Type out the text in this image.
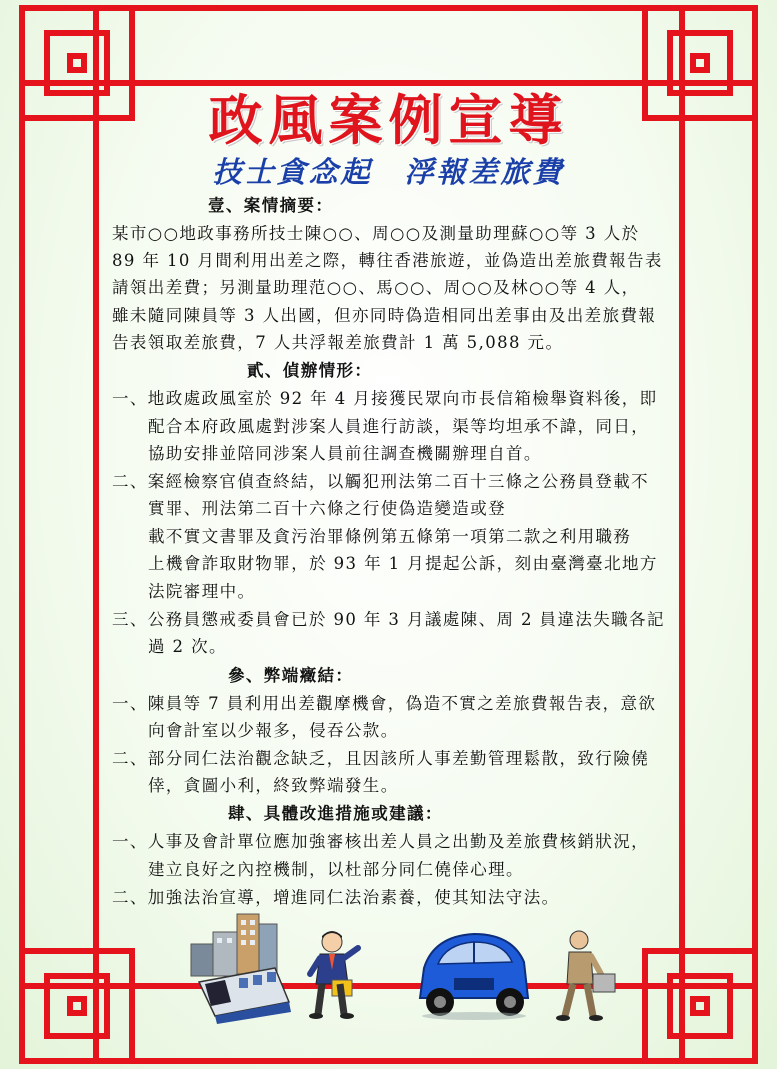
政風案例宣導
技士貪念起　浮報差旅費
壹、案情摘要：
某市○○地政事務所技士陳○○、周○○及測量助理蘇○○等 3 人於
89 年 10 月間利用出差之際，轉往香港旅遊，並偽造出差旅費報告表
請領出差費；另測量助理范○○、馬○○、周○○及林○○等 4 人，
雖未隨同陳員等 3 人出國，但亦同時偽造相同出差事由及出差旅費報
告表領取差旅費，7 人共浮報差旅費計 1 萬 5,088 元。
貳、偵辦情形：
一、地政處政風室於 92 年 4 月接獲民眾向市長信箱檢舉資料後，即
配合本府政風處對涉案人員進行訪談，渠等均坦承不諱，同日，
協助安排並陪同涉案人員前往調查機關辦理自首。
二、案經檢察官偵查終結，以觸犯刑法第二百十三條之公務員登載不
實罪、刑法第二百十六條之行使偽造變造或登
載不實文書罪及貪污治罪條例第五條第一項第二款之利用職務
上機會詐取財物罪，於 93 年 1 月提起公訴，刻由臺灣臺北地方
法院審理中。
三、公務員懲戒委員會已於 90 年 3 月議處陳、周 2 員違法失職各記
過 2 次。
參、弊端癥結：
一、陳員等 7 員利用出差觀摩機會，偽造不實之差旅費報告表，意欲
向會計室以少報多，侵吞公款。
二、部分同仁法治觀念缺乏，且因該所人事差勤管理鬆散，致行險僥
倖，貪圖小利，終致弊端發生。
肆、具體改進措施或建議：
一、人事及會計單位應加強審核出差人員之出勤及差旅費核銷狀況，
建立良好之內控機制，以杜部分同仁僥倖心理。
二、加強法治宣導，增進同仁法治素養，使其知法守法。
